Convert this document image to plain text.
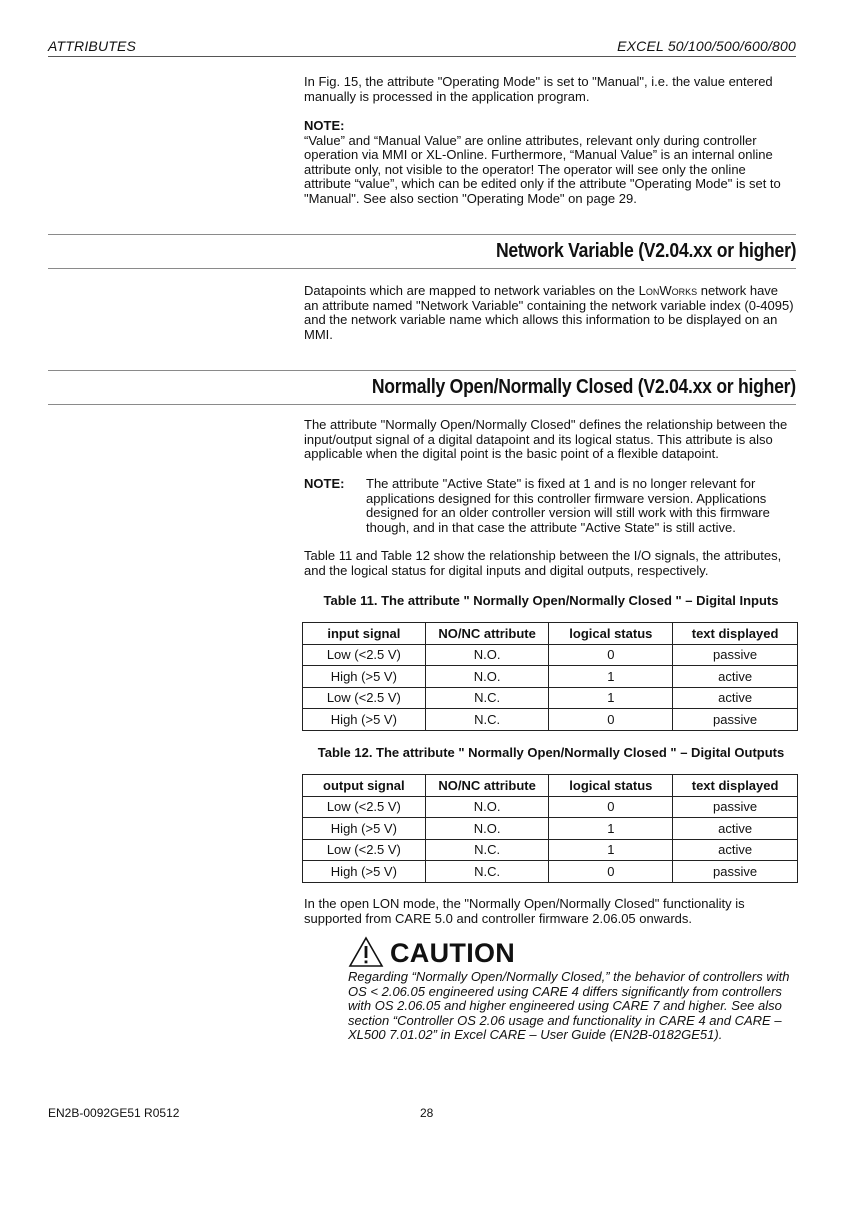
ATTRIBUTES	EXCEL 50/100/500/600/800

In Fig. 15, the attribute "Operating Mode" is set to "Manual", i.e. the value entered manually is processed in the application program.

NOTE:

“Value” and “Manual Value” are online attributes, relevant only during controller operation via MMI or XL-Online. Furthermore, “Manual Value” is an internal online attribute only, not visible to the operator! The operator will see only the online attribute “value”, which can be edited only if the attribute "Operating Mode" is set to "Manual". See also section "Operating Mode" on page 29.

Network Variable (V2.04.xx or higher)

Datapoints which are mapped to network variables on the LonWorks network have an attribute named "Network Variable" containing the network variable index (0-4095) and the network variable name which allows this information to be displayed on an MMI.

Normally Open/Normally Closed (V2.04.xx or higher)

The attribute "Normally Open/Normally Closed" defines the relationship between the input/output signal of a digital datapoint and its logical status. This attribute is also applicable when the digital point is the basic point of a flexible datapoint.

NOTE: The attribute "Active State" is fixed at 1 and is no longer relevant for applications designed for this controller firmware version. Applications designed for an older controller version will still work with this firmware though, and in that case the attribute "Active State" is still active.

Table 11 and Table 12 show the relationship between the I/O signals, the attributes, and the logical status for digital inputs and digital outputs, respectively.

Table 11. The attribute " Normally Open/Normally Closed " – Digital Inputs
input signal	NO/NC attribute	logical status	text displayed
Low (<2.5 V)	N.O.	0	passive
High (>5 V)	N.O.	1	active
Low (<2.5 V)	N.C.	1	active
High (>5 V)	N.C.	0	passive
Table 12. The attribute " Normally Open/Normally Closed " – Digital Outputs
output signal	NO/NC attribute	logical status	text displayed
Low (<2.5 V)	N.O.	0	passive
High (>5 V)	N.O.	1	active
Low (<2.5 V)	N.C.	1	active
High (>5 V)	N.C.	0	passive

In the open LON mode, the "Normally Open/Normally Closed" functionality is supported from CARE 5.0 and controller firmware 2.06.05 onwards.

CAUTION
Regarding “Normally Open/Normally Closed,” the behavior of controllers with OS < 2.06.05 engineered using CARE 4 differs significantly from controllers with OS 2.06.05 and higher engineered using CARE 7 and higher. See also section “Controller OS 2.06 usage and functionality in CARE 4 and CARE – XL500 7.01.02” in Excel CARE – User Guide (EN2B-0182GE51).
EN2B-0092GE51 R0512	28
